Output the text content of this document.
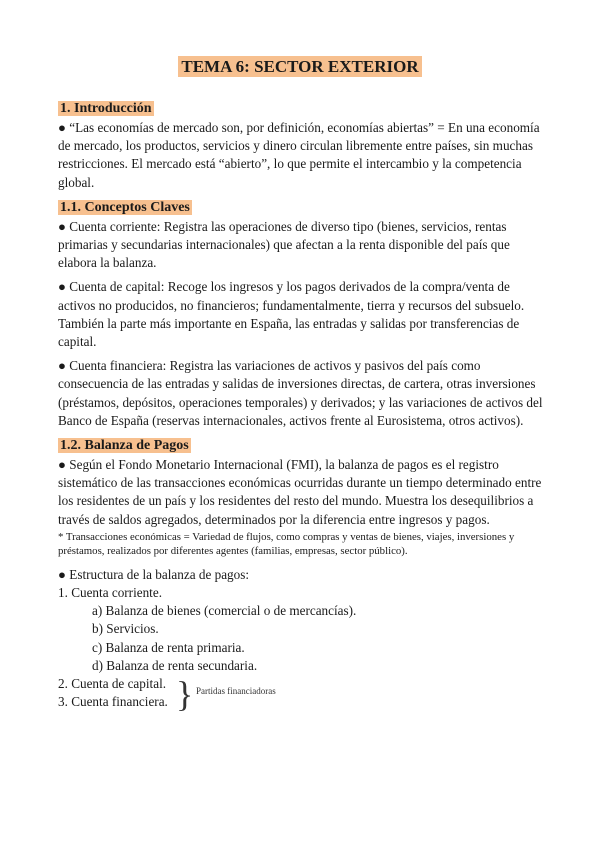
TEMA 6: SECTOR EXTERIOR
1. Introducción

● “Las economías de mercado son, por definición, economías abiertas” = En una economía de mercado, los productos, servicios y dinero circulan libremente entre países, sin muchas restricciones. El mercado está “abierto”, lo que permite el intercambio y la competencia global.

1.1. Conceptos Claves

● Cuenta corriente: Registra las operaciones de diverso tipo (bienes, servicios, rentas primarias y secundarias internacionales) que afectan a la renta disponible del país que elabora la balanza.

● Cuenta de capital: Recoge los ingresos y los pagos derivados de la compra/venta de activos no producidos, no financieros; fundamentalmente, tierra y recursos del subsuelo. También la parte más importante en España, las entradas y salidas por transferencias de capital.

● Cuenta financiera: Registra las variaciones de activos y pasivos del país como consecuencia de las entradas y salidas de inversiones directas, de cartera, otras inversiones (préstamos, depósitos, operaciones temporales) y derivados; y las variaciones de activos del Banco de España (reservas internacionales, activos frente al Eurosistema, otros activos).

1.2. Balanza de Pagos

● Según el Fondo Monetario Internacional (FMI), la balanza de pagos es el registro sistemático de las transacciones económicas ocurridas durante un tiempo determinado entre los residentes de un país y los residentes del resto del mundo. Muestra los desequilibrios a través de saldos agregados, determinados por la diferencia entre ingresos y pagos.

* Transacciones económicas = Variedad de flujos, como compras y ventas de bienes, viajes, inversiones y préstamos, realizados por diferentes agentes (familias, empresas, sector público).

● Estructura de la balanza de pagos:

1. Cuenta corriente.

a) Balanza de bienes (comercial o de mercancías).

b) Servicios.

c) Balanza de renta primaria.

d) Balanza de renta secundaria.

2. Cuenta de capital.

3. Cuenta financiera. } Partidas financiadoras
